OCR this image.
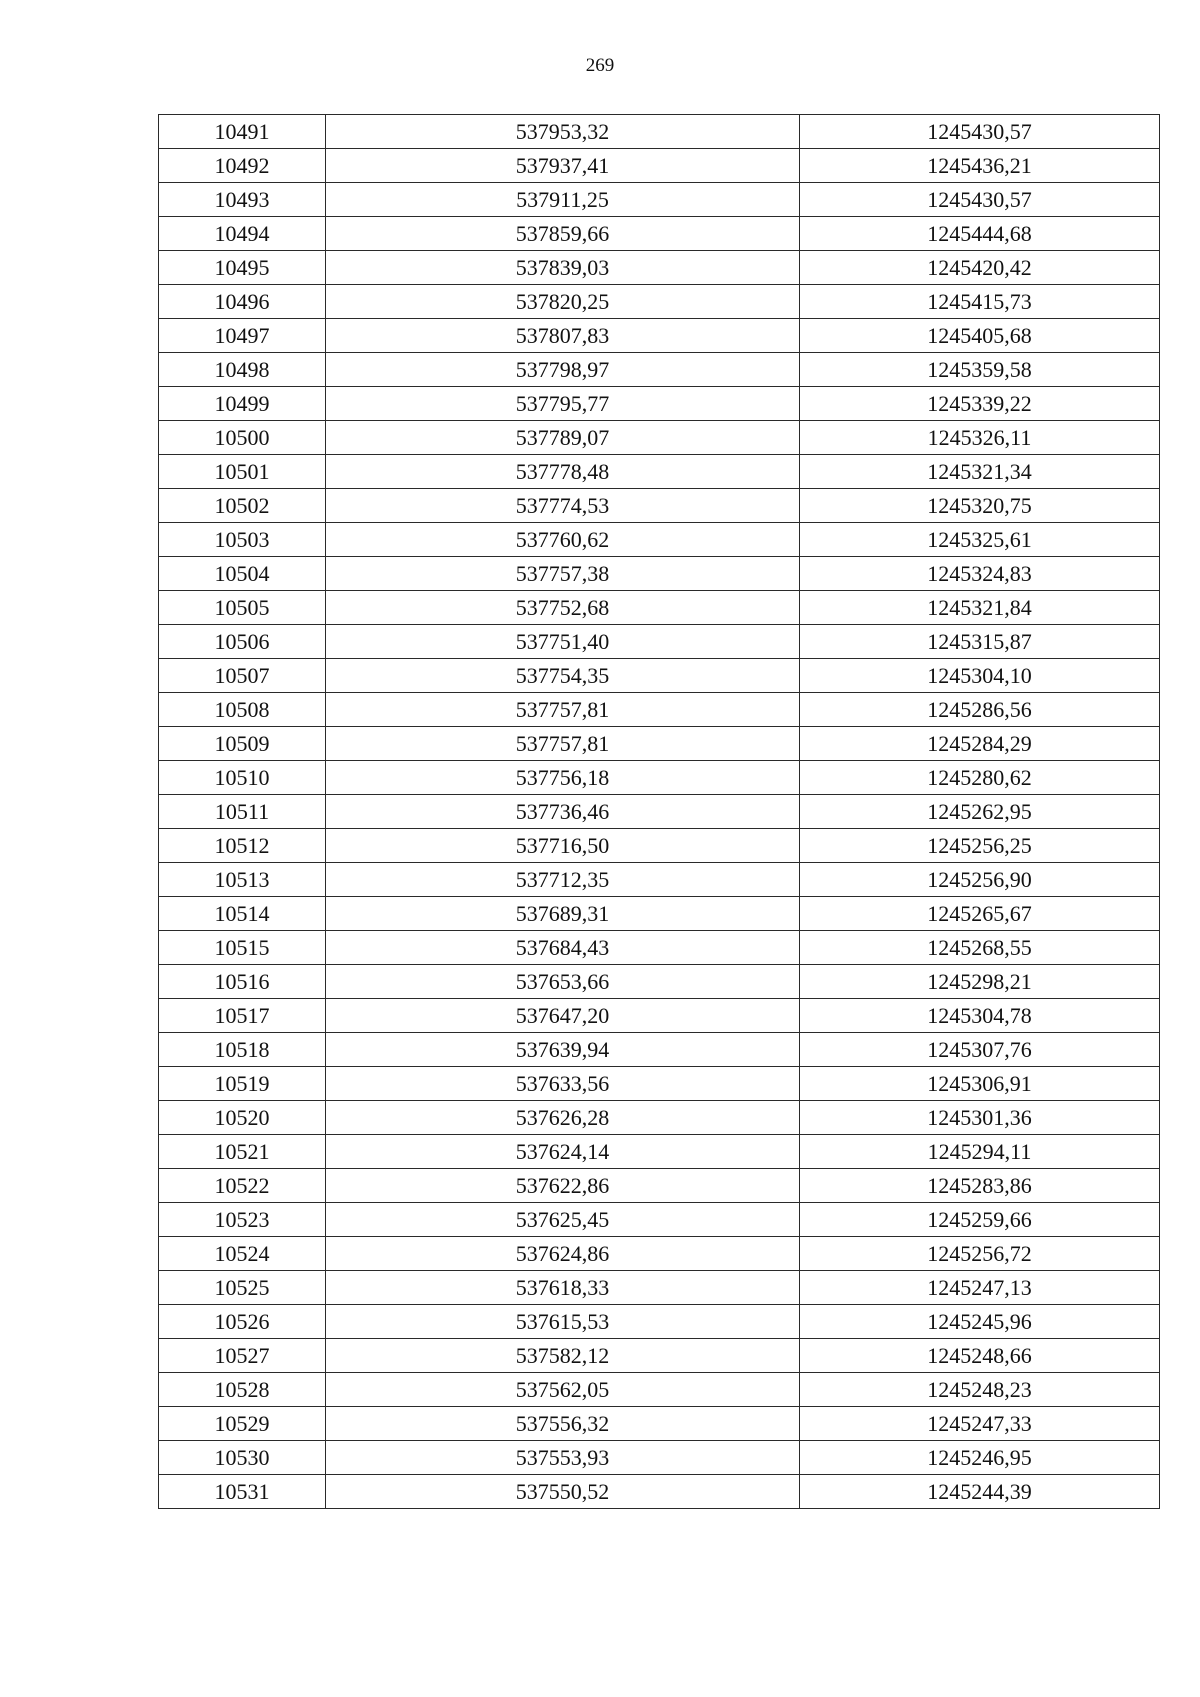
269
10491	537953,32	1245430,57
10492	537937,41	1245436,21
10493	537911,25	1245430,57
10494	537859,66	1245444,68
10495	537839,03	1245420,42
10496	537820,25	1245415,73
10497	537807,83	1245405,68
10498	537798,97	1245359,58
10499	537795,77	1245339,22
10500	537789,07	1245326,11
10501	537778,48	1245321,34
10502	537774,53	1245320,75
10503	537760,62	1245325,61
10504	537757,38	1245324,83
10505	537752,68	1245321,84
10506	537751,40	1245315,87
10507	537754,35	1245304,10
10508	537757,81	1245286,56
10509	537757,81	1245284,29
10510	537756,18	1245280,62
10511	537736,46	1245262,95
10512	537716,50	1245256,25
10513	537712,35	1245256,90
10514	537689,31	1245265,67
10515	537684,43	1245268,55
10516	537653,66	1245298,21
10517	537647,20	1245304,78
10518	537639,94	1245307,76
10519	537633,56	1245306,91
10520	537626,28	1245301,36
10521	537624,14	1245294,11
10522	537622,86	1245283,86
10523	537625,45	1245259,66
10524	537624,86	1245256,72
10525	537618,33	1245247,13
10526	537615,53	1245245,96
10527	537582,12	1245248,66
10528	537562,05	1245248,23
10529	537556,32	1245247,33
10530	537553,93	1245246,95
10531	537550,52	1245244,39
